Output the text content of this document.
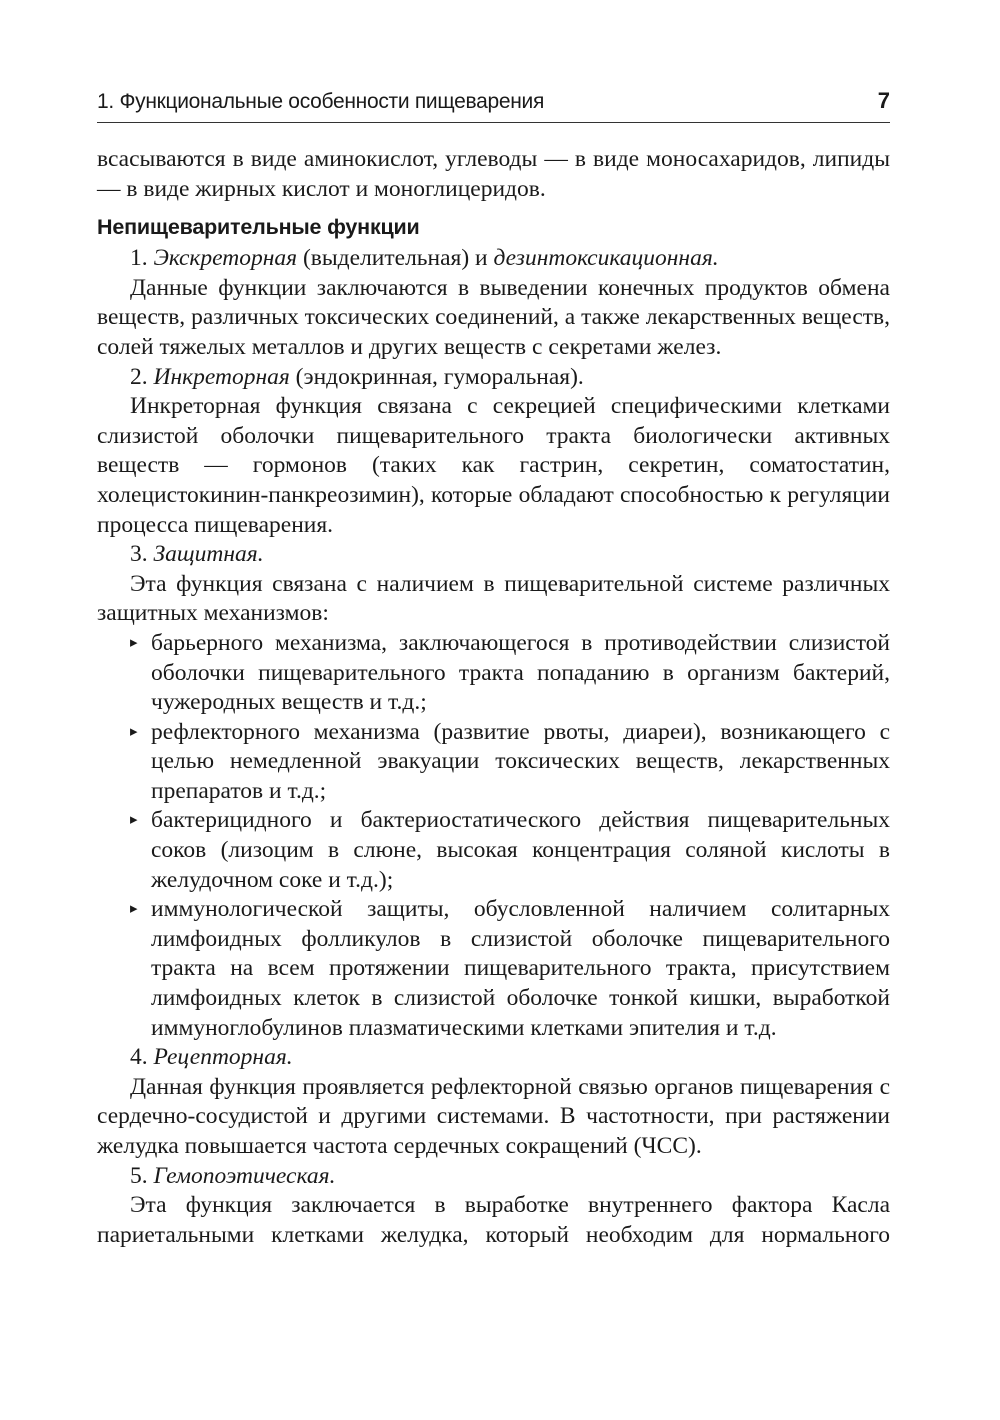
1. Функциональные особенности пищеварения	7

всасываются в виде аминокислот, углеводы — в виде моносахаридов, липиды — в виде жирных кислот и моноглицеридов.

Непищеварительные функции

1. Экскреторная (выделительная) и дезинтоксикационная.

Данные функции заключаются в выведении конечных продуктов обмена веществ, различных токсических соединений, а также лекарственных веществ, солей тяжелых металлов и других веществ с секретами желез.

2. Инкреторная (эндокринная, гуморальная).

Инкреторная функция связана с секрецией специфическими клетками слизистой оболочки пищеварительного тракта биологически активных веществ — гормонов (таких как гастрин, секретин, соматостатин, холецистокинин-панкреозимин), которые обладают способностью к регуляции процесса пищеварения.

3. Защитная.

Эта функция связана с наличием в пищеварительной системе различных защитных механизмов:

▸ барьерного механизма, заключающегося в противодействии слизистой оболочки пищеварительного тракта попаданию в организм бактерий, чужеродных веществ и т.д.;
▸ рефлекторного механизма (развитие рвоты, диареи), возникающего с целью немедленной эвакуации токсических веществ, лекарственных препаратов и т.д.;
▸ бактерицидного и бактериостатического действия пищеварительных соков (лизоцим в слюне, высокая концентрация соляной кислоты в желудочном соке и т.д.);
▸ иммунологической защиты, обусловленной наличием солитарных лимфоидных фолликулов в слизистой оболочке пищеварительного тракта на всем протяжении пищеварительного тракта, присутствием лимфоидных клеток в слизистой оболочке тонкой кишки, выработкой иммуноглобулинов плазматическими клетками эпителия и т.д.

4. Рецепторная.

Данная функция проявляется рефлекторной связью органов пищеварения с сердечно-сосудистой и другими системами. В частотности, при растяжении желудка повышается частота сердечных сокращений (ЧСС).

5. Гемопоэтическая.

Эта функция заключается в выработке внутреннего фактора Касла париетальными клетками желудка, который необходим для нормального
